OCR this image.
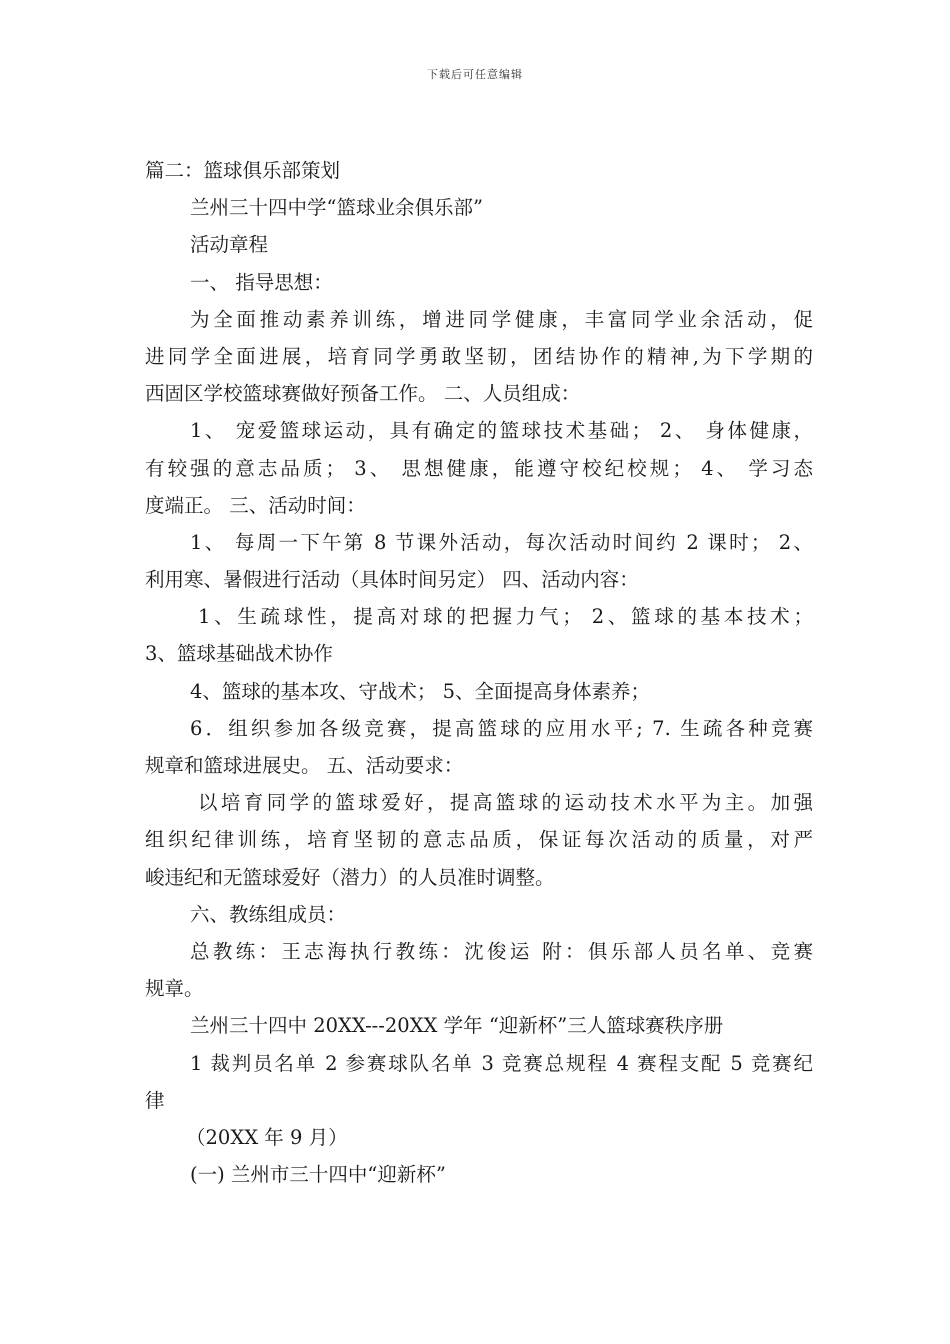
下载后可任意编辑
篇二：篮球俱乐部策划
兰州三十四中学“篮球业余俱乐部”
活动章程
一、 指导思想：
为全面推动素养训练，增进同学健康，丰富同学业余活动，促
进同学全面进展，培育同学勇敢坚韧，团结协作的精神,为下学期的
西固区学校篮球赛做好预备工作。 二、人员组成：
1、 宠爱篮球运动，具有确定的篮球技术基础； 2、 身体健康，
有较强的意志品质； 3、 思想健康，能遵守校纪校规； 4、 学习态
度端正。 三、活动时间：
1、 每周一下午第 8 节课外活动，每次活动时间约 2 课时； 2、
利用寒、暑假进行活动（具体时间另定） 四、活动内容：
1、生疏球性，提高对球的把握力气； 2、篮球的基本技术；
3、篮球基础战术协作
4、篮球的基本攻、守战术； 5、全面提高身体素养；
6．组织参加各级竞赛，提高篮球的应用水平; 7. 生疏各种竞赛
规章和篮球进展史。 五、活动要求：
以培育同学的篮球爱好，提高篮球的运动技术水平为主。加强
组织纪律训练，培育坚韧的意志品质，保证每次活动的质量，对严
峻违纪和无篮球爱好（潜力）的人员准时调整。
六、教练组成员：
总教练：王志海执行教练：沈俊运 附：俱乐部人员名单、竞赛
规章。
兰州三十四中 20XX---20XX 学年 “迎新杯”三人篮球赛秩序册
1 裁判员名单 2 参赛球队名单 3 竞赛总规程 4 赛程支配 5 竞赛纪
律
（20XX 年 9 月）
(一) 兰州市三十四中“迎新杯”
